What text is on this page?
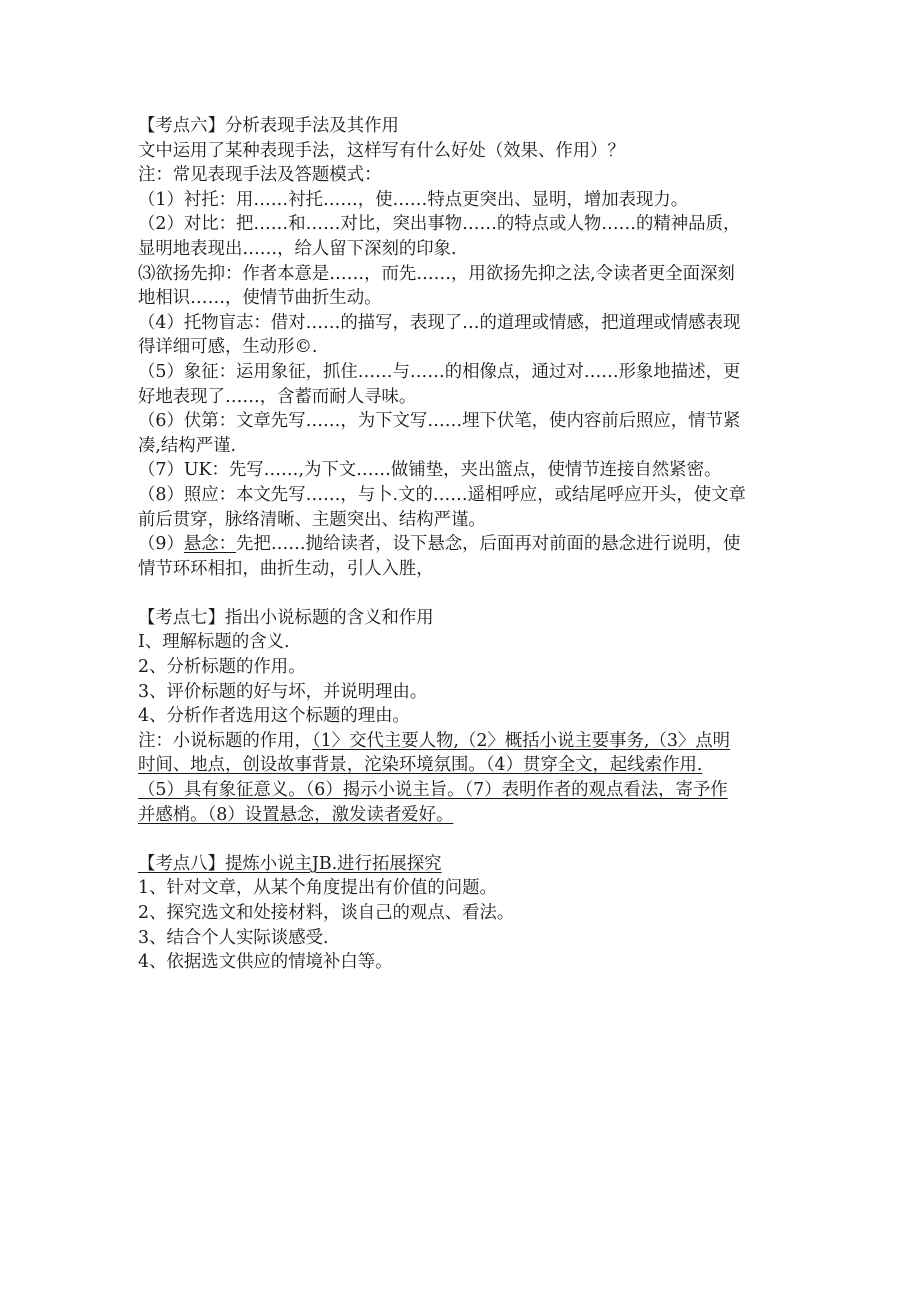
【考点六】分析表现手法及其作用
文中运用了某种表现手法，这样写有什么好处（效果、作用）？
注：常见表现手法及答题模式：
（1）衬托：用……衬托……，使……特点更突出、显明，增加表现力。
（2）对比：把……和……对比，突出事物……的特点或人物……的精神品质，
显明地表现出……，给人留下深刻的印象.
⑶欲扬先抑：作者本意是……，而先……，用欲扬先抑之法,令读者更全面深刻
地相识……，使情节曲折生动。
（4）托物盲志：借对……的描写，表现了…的道理或情感，把道理或情感表现
得详细可感，生动形©.
（5）象征：运用象征，抓住……与……的相像点，通过对……形象地描述，更
好地表现了……，含蓄而耐人寻味。
（6）伏第：文章先写……，为下文写……埋下伏笔，使内容前后照应，情节紧
凑,结构严谨.
（7）UK：先写……,为下文……做铺垫，夹出篮点，使情节连接自然紧密。
（8）照应：本文先写……，与卜.文的……遥相呼应，或结尾呼应开头，使文章
前后贯穿，脉络清晰、主题突出、结构严谨。
（9）悬念：先把……抛给读者，设下悬念，后面再对前面的悬念进行说明，使
情节环环相扣，曲折生动，引人入胜，
【考点七】指出小说标题的含义和作用
I、理解标题的含义.
2、分析标题的作用。
3、评价标题的好与坏，并说明理由。
4、分析作者选用这个标题的理由。
注：小说标题的作用，（1〉交代主要人物,（2〉概括小说主要事务,（3〉点明
时间、地点，创设故事背景，沱染环境氛围。（4）贯穿全文，起线索作用.
（5）具有象征意义。（6）揭示小说主旨。（7）表明作者的观点看法，寄予作
并感梢。（8）设置悬念，激发读者爱好。
【考点八】提炼小说主JB.进行拓展探究
1、针对文章，从某个角度提出有价值的问题。
2、探究选文和处接材料，谈自己的观点、看法。
3、结合个人实际谈感受.
4、依据选文供应的情境补白等。
